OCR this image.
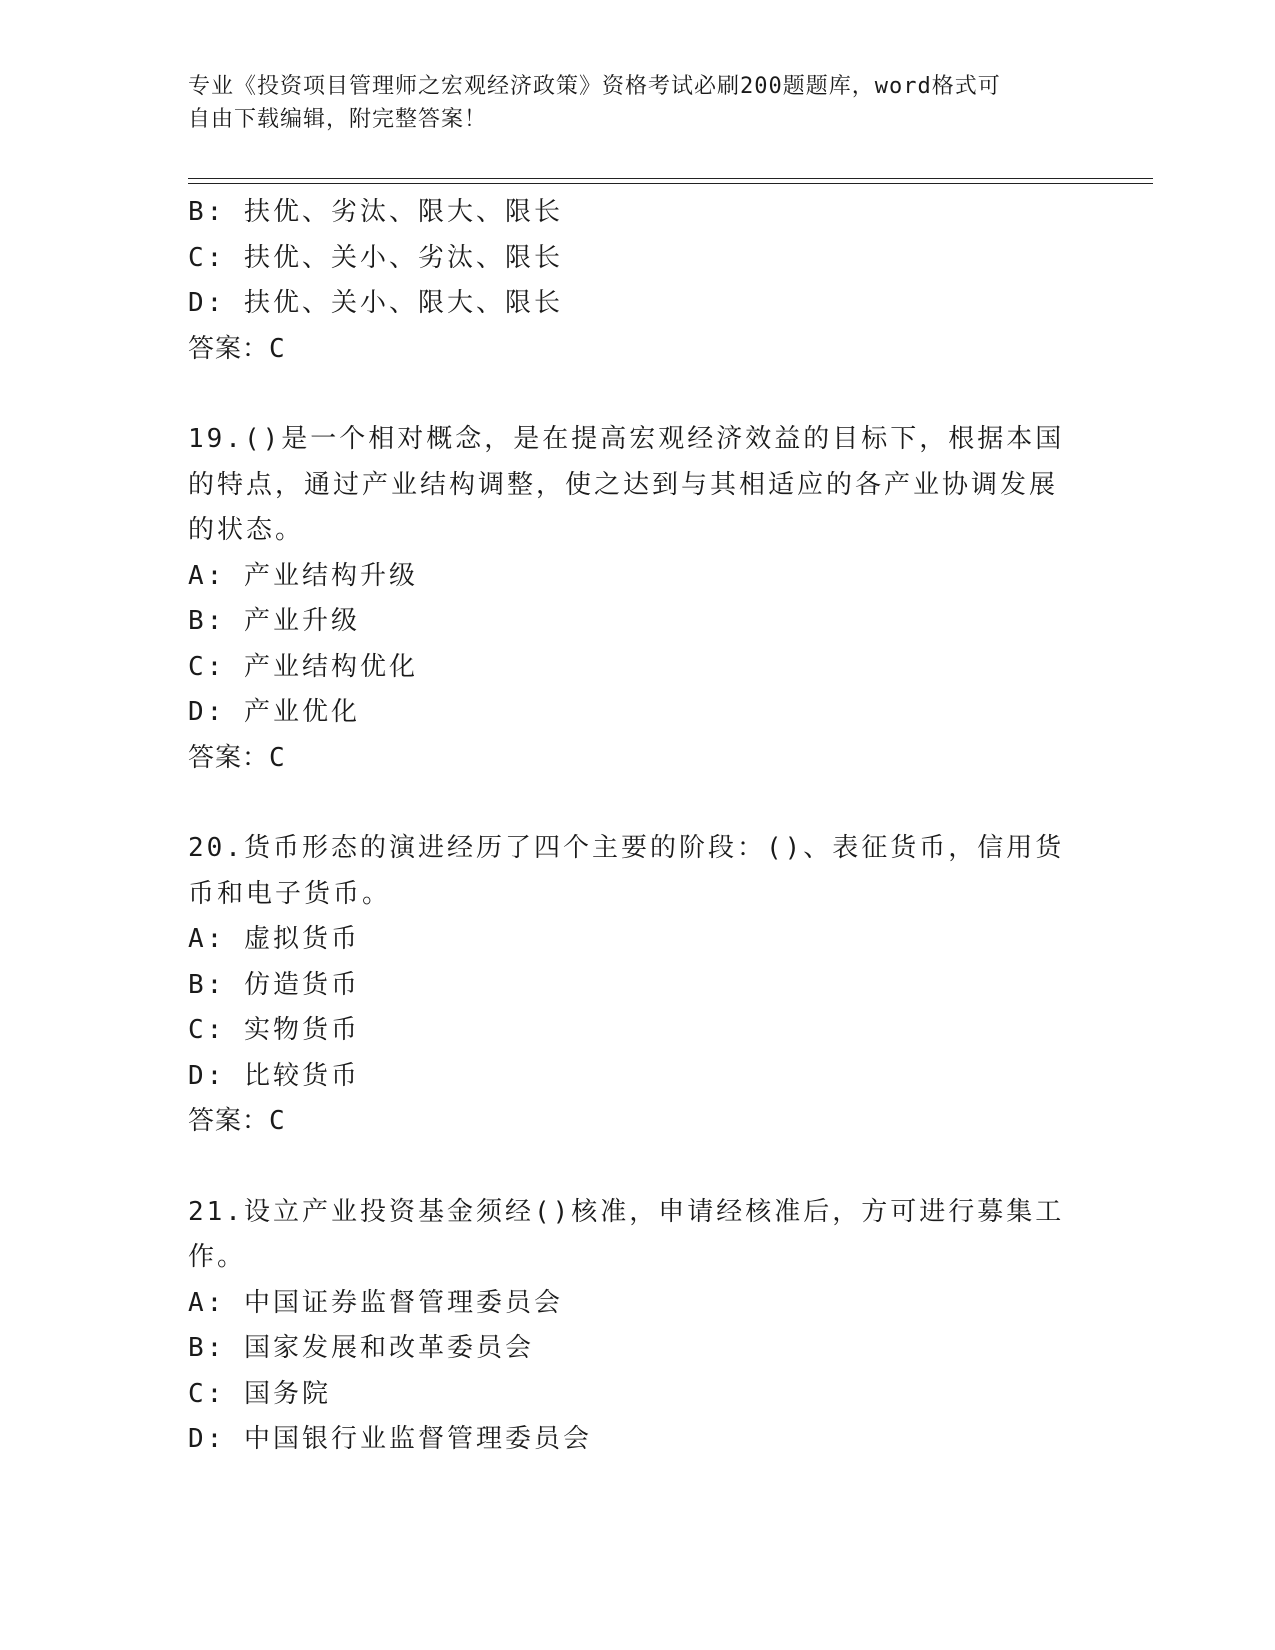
专业《投资项目管理师之宏观经济政策》资格考试必刷200题题库，word格式可
自由下载编辑，附完整答案！
B: 扶优、劣汰、限大、限长
C: 扶优、关小、劣汰、限长
D: 扶优、关小、限大、限长
答案：C
19.()是一个相对概念，是在提高宏观经济效益的目标下，根据本国的特点，通过产业结构调整，使之达到与其相适应的各产业协调发展的状态。
A: 产业结构升级
B: 产业升级
C: 产业结构优化
D: 产业优化
答案：C
20.货币形态的演进经历了四个主要的阶段：()、表征货币，信用货币和电子货币。
A: 虚拟货币
B: 仿造货币
C: 实物货币
D: 比较货币
答案：C
21.设立产业投资基金须经()核准，申请经核准后，方可进行募集工作。
A: 中国证券监督管理委员会
B: 国家发展和改革委员会
C: 国务院
D: 中国银行业监督管理委员会
